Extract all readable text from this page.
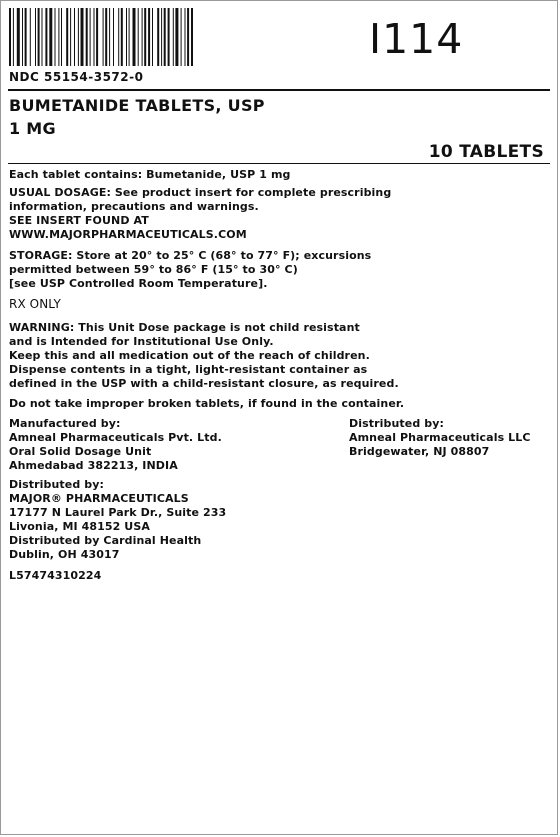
I114
NDC 55154-3572-0
BUMETANIDE TABLETS, USP
1 MG
10 TABLETS
Each tablet contains: Bumetanide, USP 1 mg
USUAL DOSAGE: See product insert for complete prescribing
information, precautions and warnings.
SEE INSERT FOUND AT
WWW.MAJORPHARMACEUTICALS.COM
STORAGE: Store at 20° to 25° C (68° to 77° F); excursions
permitted between 59° to 86° F (15° to 30° C)
[see USP Controlled Room Temperature].
RX ONLY
WARNING: This Unit Dose package is not child resistant
and is Intended for Institutional Use Only.
Keep this and all medication out of the reach of children.
Dispense contents in a tight, light-resistant container as
defined in the USP with a child-resistant closure, as required.
Do not take improper broken tablets, if found in the container.
Manufactured by:
Amneal Pharmaceuticals Pvt. Ltd.
Oral Solid Dosage Unit
Ahmedabad 382213, INDIA
Distributed by:
Amneal Pharmaceuticals LLC
Bridgewater, NJ 08807
Distributed by:
MAJOR® PHARMACEUTICALS
17177 N Laurel Park Dr., Suite 233
Livonia, MI 48152 USA
Distributed by Cardinal Health
Dublin, OH 43017
L57474310224
